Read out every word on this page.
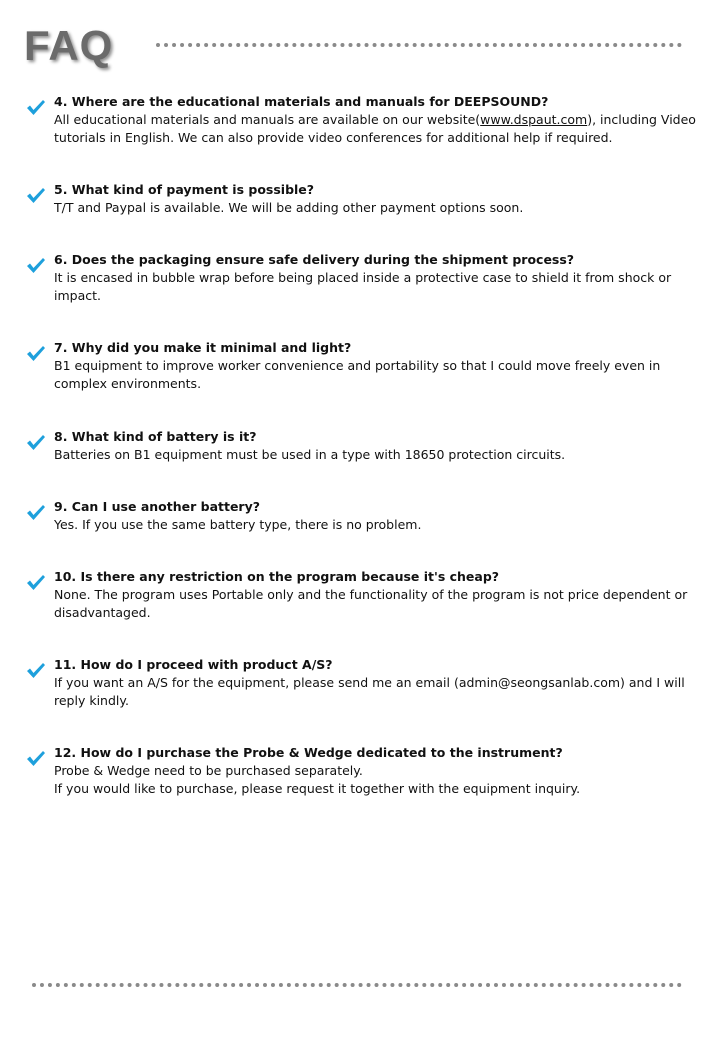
FAQ
4. Where are the educational materials and manuals for DEEPSOUND?
All educational materials and manuals are available on our website(www.dspaut.com), including Video
tutorials in English. We can also provide video conferences for additional help if required.
5. What kind of payment is possible?
T/T and Paypal is available. We will be adding other payment options soon.
6. Does the packaging ensure safe delivery during the shipment process?
It is encased in bubble wrap before being placed inside a protective case to shield it from shock or
impact.
7. Why did you make it minimal and light?
B1 equipment to improve worker convenience and portability so that I could move freely even in
complex environments.
8. What kind of battery is it?
Batteries on B1 equipment must be used in a type with 18650 protection circuits.
9. Can I use another battery?
Yes. If you use the same battery type, there is no problem.
10. Is there any restriction on the program because it's cheap?
None. The program uses Portable only and the functionality of the program is not price dependent or
disadvantaged.
11. How do I proceed with product A/S?
If you want an A/S for the equipment, please send me an email (admin@seongsanlab.com) and I will
reply kindly.
12. How do I purchase the Probe & Wedge dedicated to the instrument?
Probe & Wedge need to be purchased separately.
If you would like to purchase, please request it together with the equipment inquiry.
